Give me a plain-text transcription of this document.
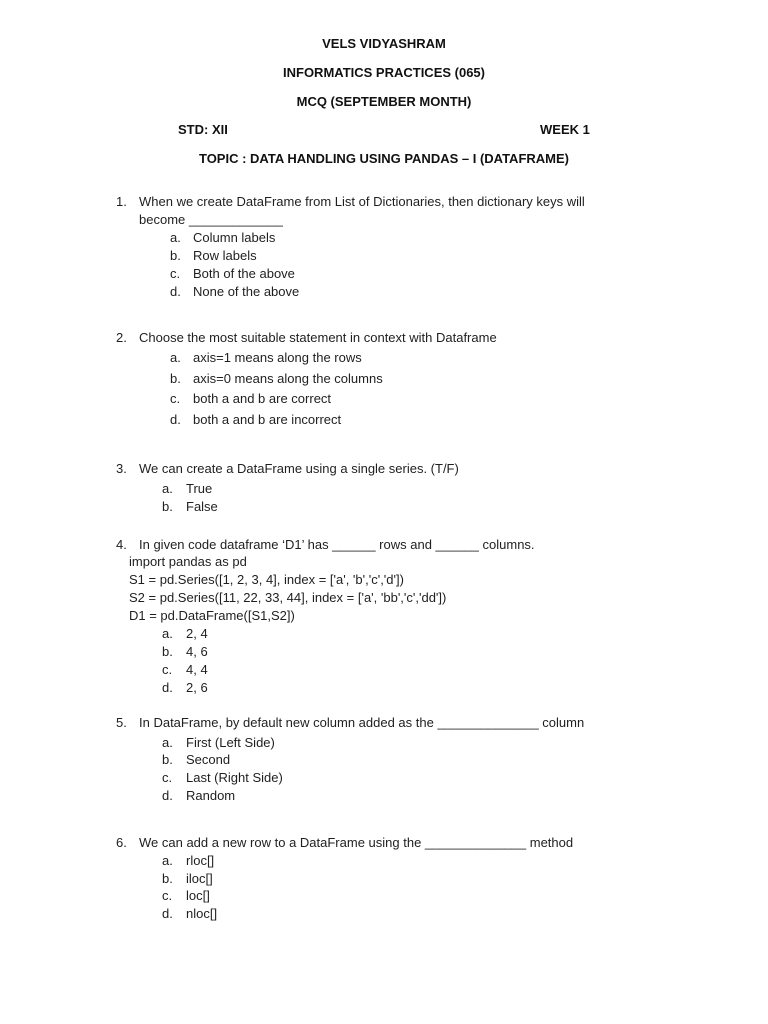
VELS VIDYASHRAM
INFORMATICS PRACTICES (065)
MCQ (SEPTEMBER MONTH)
STD: XII	WEEK 1
TOPIC : DATA HANDLING USING PANDAS – I (DATAFRAME)
1. When we create DataFrame from List of Dictionaries, then dictionary keys will
become _____________
a. Column labels
b. Row labels
c. Both of the above
d. None of the above
2. Choose the most suitable statement in context with Dataframe
a. axis=1 means along the rows
b. axis=0 means along the columns
c. both a and b are correct
d. both a and b are incorrect
3. We can create a DataFrame using a single series. (T/F)
a. True
b. False
4. In given code dataframe ‘D1’ has ______ rows and ______ columns.
import pandas as pd
S1 = pd.Series([1, 2, 3, 4], index = ['a', 'b','c','d'])
S2 = pd.Series([11, 22, 33, 44], index = ['a', 'bb','c','dd'])
D1 = pd.DataFrame([S1,S2])
a. 2, 4
b. 4, 6
c. 4, 4
d. 2, 6
5. In DataFrame, by default new column added as the ______________ column
a. First (Left Side)
b. Second
c. Last (Right Side)
d. Random
6. We can add a new row to a DataFrame using the ______________ method
a. rloc[]
b. iloc[]
c. loc[]
d. nloc[]
